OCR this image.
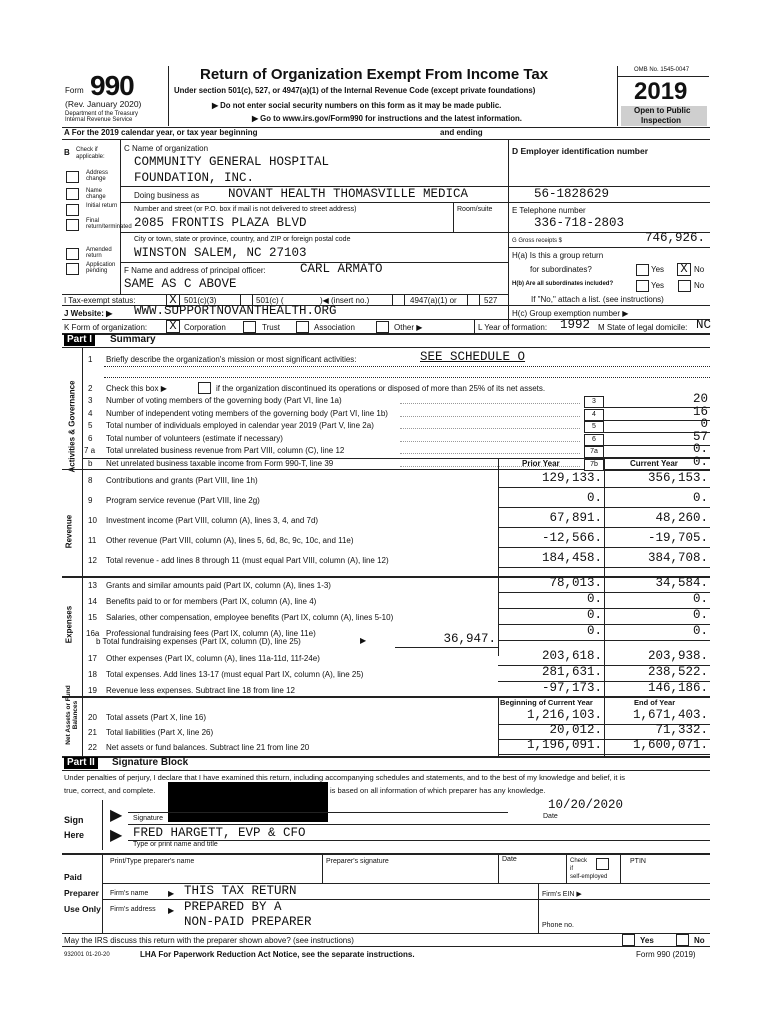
Form 990
(Rev. January 2020)
Department of the Treasury
Internal Revenue Service
Return of Organization Exempt From Income Tax
Under section 501(c), 527, or 4947(a)(1) of the Internal Revenue Code (except private foundations)
▶ Do not enter social security numbers on this form as it may be made public.
▶ Go to www.irs.gov/Form990 for instructions and the latest information.
OMB No. 1545-0047
2019
Open to Public
Inspection
A For the 2019 calendar year, or tax year beginning	and ending
B Check if applicable:
Address change
Name change
Initial return
Final return/terminated
Amended return
Application pending
C Name of organization
COMMUNITY GENERAL HOSPITAL
FOUNDATION, INC.
Doing business as NOVANT HEALTH THOMASVILLE MEDICA
Number and street (or P.O. box if mail is not delivered to street address)	Room/suite
2085 FRONTIS PLAZA BLVD
City or town, state or province, country, and ZIP or foreign postal code
WINSTON SALEM, NC 27103
F Name and address of principal officer:	CARL ARMATO
SAME AS C ABOVE
D Employer identification number
56-1828629
E Telephone number
336-718-2803
G Gross receipts $	746,926.
H(a) Is this a group return
for subordinates?	Yes X No
H(b) Are all subordinates included?	Yes	No
If "No," attach a list. (see instructions)
H(c) Group exemption number ▶
I Tax-exempt status:	X 501(c)(3)	501(c) (	)◀ (insert no.)	4947(a)(1) or	527
J Website: ▶ WWW.SUPPORTNOVANTHEALTH.ORG
K Form of organization: X Corporation	Trust	Association	Other ▶	L Year of formation: 1992 M State of legal domicile: NC
Part I	Summary
Activities & Governance
1 Briefly describe the organization's mission or most significant activities:	SEE SCHEDULE O
2 Check this box ▶	if the organization discontinued its operations or disposed of more than 25% of its net assets.
Prior Year	Current Year
Revenue
Expenses	b Total fundraising expenses (Part IX, column (D), line 25)	▶	36,947.
Beginning of Current Year	End of Year
Net Assets or Fund Balances
Part II	Signature Block
Under penalties of perjury, I declare that I have examined this return, including accompanying schedules and statements, and to the best of my knowledge and belief, it is
true, correct, and complete.	is based on all information of which preparer has any knowledge.
Sign
Here
▶
▶
Signature
10/20/2020
Date
FRED HARGETT, EVP & CFO
Type or print name and title
Paid
Preparer
Use Only
Print/Type preparer's name	Preparer's signature	Date	Check
if
self-employed
PTIN
Firm's name ▶ THIS TAX RETURN	Firm's EIN ▶
Firm's address ▶ PREPARED BY A
NON-PAID PREPARER	Phone no.
May the IRS discuss this return with the preparer shown above? (see instructions)	Yes	No
932001 01-20-20	LHA For Paperwork Reduction Act Notice, see the separate instructions.	Form 990 (2019)
3 Number of voting members of the governing body (Part VI, line 1a)	3	20
4 Number of independent voting members of the governing body (Part VI, line 1b)	4	16
5 Total number of individuals employed in calendar year 2019 (Part V, line 2a)	5	0
6 Total number of volunteers (estimate if necessary)	6	57
7 a Total unrelated business revenue from Part VIII, column (C), line 12	7a	0.
b Net unrelated business taxable income from Form 990-T, line 39	7b	0.
8 Contributions and grants (Part VIII, line 1h)	129,133.	356,153.
9 Program service revenue (Part VIII, line 2g)	0.	0.
10 Investment income (Part VIII, column (A), lines 3, 4, and 7d)	67,891.	48,260.
11 Other revenue (Part VIII, column (A), lines 5, 6d, 8c, 9c, 10c, and 11e)	-12,566.	-19,705.
12 Total revenue - add lines 8 through 11 (must equal Part VIII, column (A), line 12)	184,458.	384,708.
13 Grants and similar amounts paid (Part IX, column (A), lines 1-3)	78,013.	34,584.
14 Benefits paid to or for members (Part IX, column (A), line 4)	0.	0.
15 Salaries, other compensation, employee benefits (Part IX, column (A), lines 5-10)	0.	0.
16a Professional fundraising fees (Part IX, column (A), line 11e)	0.	0.
17 Other expenses (Part IX, column (A), lines 11a-11d, 11f-24e)	203,618.	203,938.
18 Total expenses. Add lines 13-17 (must equal Part IX, column (A), line 25)	281,631.	238,522.
19 Revenue less expenses. Subtract line 18 from line 12	-97,173.	146,186.
20 Total assets (Part X, line 16)	1,216,103.	1,671,403.
21 Total liabilities (Part X, line 26)	20,012.	71,332.
22 Net assets or fund balances. Subtract line 21 from line 20	1,196,091.	1,600,071.
